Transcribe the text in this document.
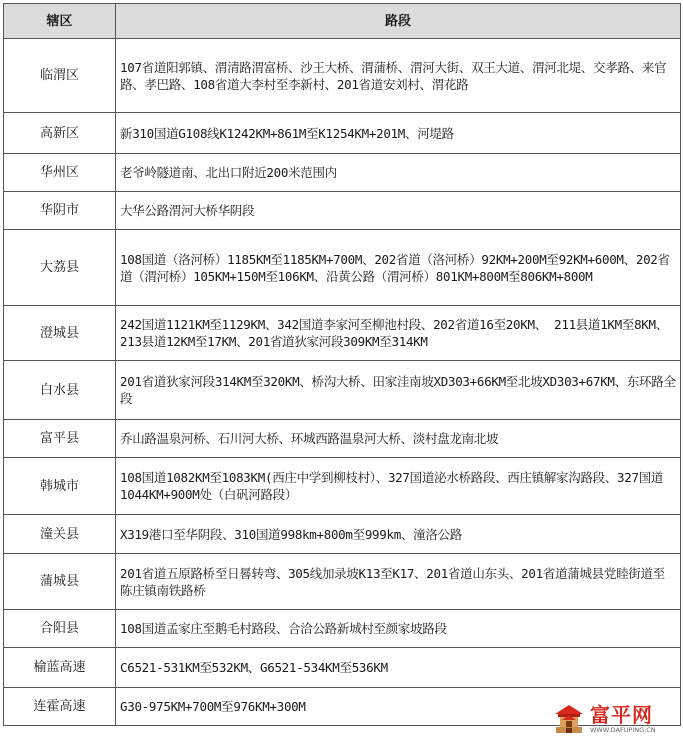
辖区	路段
临渭区	107省道阳郭镇、渭清路渭富桥、沙王大桥、渭蒲桥、渭河大街、双王大道、渭河北堤、交孝路、来官路、孝巴路、108省道大李村至李新村、201省道安刘村、渭花路
高新区	新310国道G108线K1242KM+861M至K1254KM+201M、河堤路
华州区	老爷岭隧道南、北出口附近200米范围内
华阴市	大华公路渭河大桥华阴段
大荔县	108国道（洛河桥）1185KM至1185KM+700M、202省道（洛河桥）92KM+200M至92KM+600M、202省道（渭河桥）105KM+150M至106KM、沿黄公路（渭河桥）801KM+800M至806KM+800M
澄城县	242国道1121KM至1129KM、342国道李家河至柳池村段、202省道16至20KM、 211县道1KM至8KM、213县道12KM至17KM、201省道狄家河段309KM至314KM
白水县	201省道狄家河段314KM至320KM、桥沟大桥、田家洼南坡XD303+66KM至北坡XD303+67KM、东环路全段
富平县	乔山路温泉河桥、石川河大桥、环城西路温泉河大桥、淡村盘龙南北坡
韩城市	108国道1082KM至1083KM(西庄中学到柳枝村）、327国道泌水桥路段、西庄镇解家沟路段、327国道1044KM+900M处（白矾河路段）
潼关县	X319港口至华阴段、310国道998km+800m至999km、潼洛公路
蒲城县	201省道五原路桥至日晷转弯、305线加录坡K13至K17、201省道山东头、201省道蒲城县党睦街道至陈庄镇南铁路桥
合阳县	108国道孟家庄至鹅毛村路段、合洽公路新城村至颜家坡路段
榆蓝高速	C6521-531KM至532KM、G6521-534KM至536KM
连霍高速	G30-975KM+700M至976KM+300M	富平网
WWW.DAFUPING.CN
